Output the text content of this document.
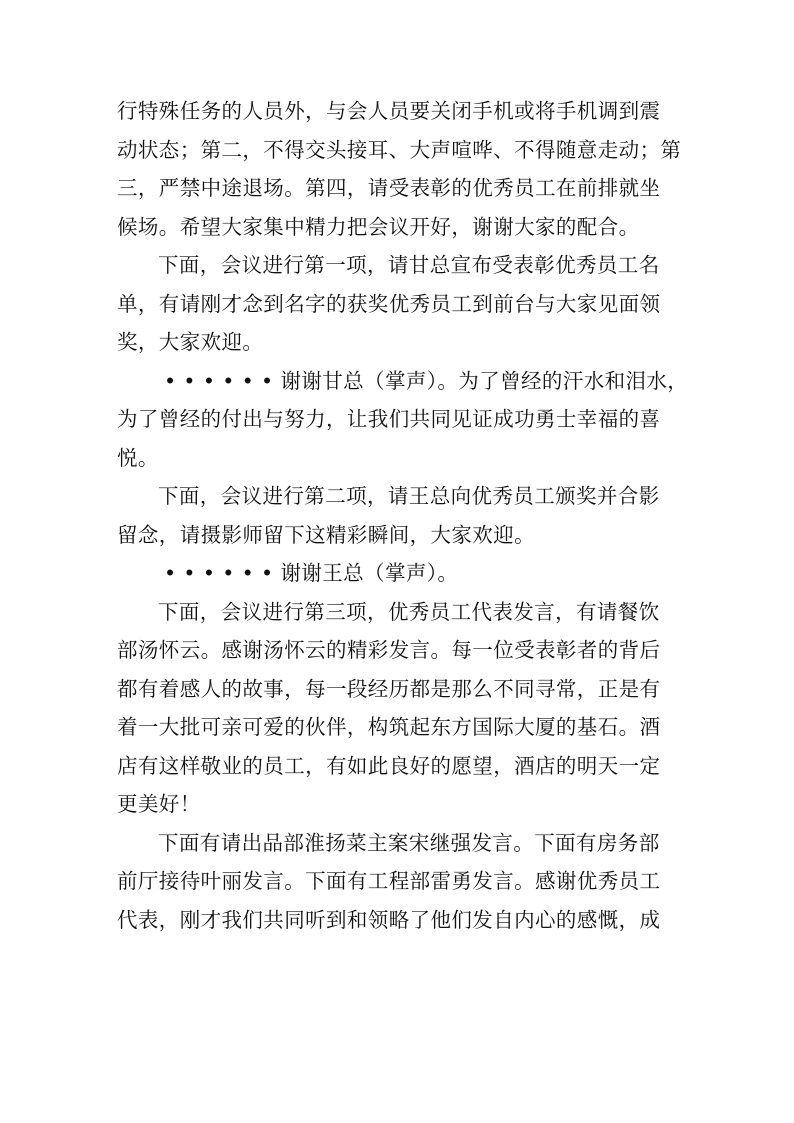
行特殊任务的人员外，与会人员要关闭手机或将手机调到震
动状态；第二，不得交头接耳、大声喧哗、不得随意走动；第
三，严禁中途退场。第四，请受表彰的优秀员工在前排就坐
候场。希望大家集中精力把会议开好，谢谢大家的配合。
下面，会议进行第一项，请甘总宣布受表彰优秀员工名
单，有请刚才念到名字的获奖优秀员工到前台与大家见面领
奖，大家欢迎。
• • • • • • 谢谢甘总（掌声）。为了曾经的汗水和泪水，
为了曾经的付出与努力，让我们共同见证成功勇士幸福的喜
悦。
下面，会议进行第二项，请王总向优秀员工颁奖并合影
留念，请摄影师留下这精彩瞬间，大家欢迎。
• • • • • • 谢谢王总（掌声）。
下面，会议进行第三项，优秀员工代表发言，有请餐饮
部汤怀云。感谢汤怀云的精彩发言。每一位受表彰者的背后
都有着感人的故事，每一段经历都是那么不同寻常，正是有
着一大批可亲可爱的伙伴，构筑起东方国际大厦的基石。酒
店有这样敬业的员工，有如此良好的愿望，酒店的明天一定
更美好！
下面有请出品部淮扬菜主案宋继强发言。下面有房务部
前厅接待叶丽发言。下面有工程部雷勇发言。感谢优秀员工
代表，刚才我们共同听到和领略了他们发自内心的感慨，成
